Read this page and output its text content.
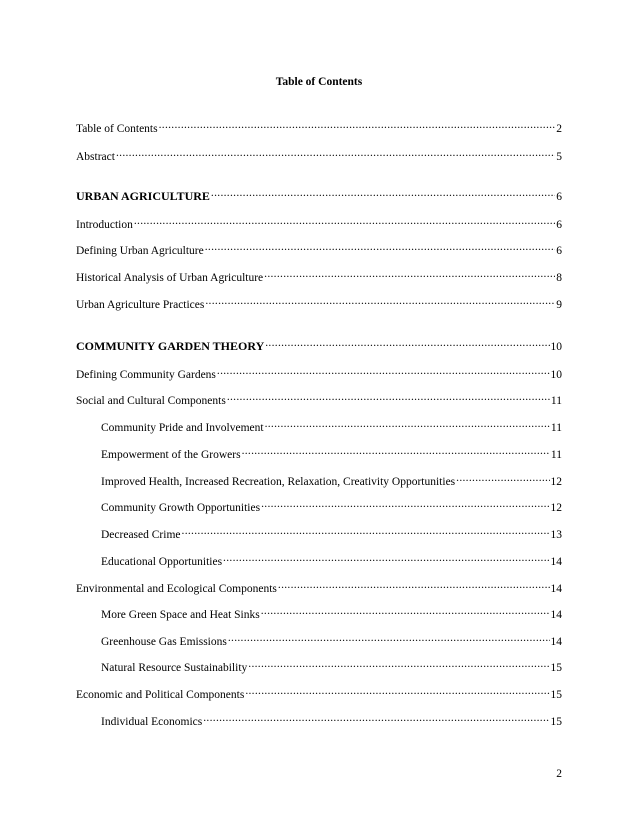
Table of Contents
Table of Contents .....	2
Abstract .....	5
URBAN AGRICULTURE .....	6
Introduction .....	6
Defining Urban Agriculture .....	6
Historical Analysis of Urban Agriculture .....	8
Urban Agriculture Practices .....	9
COMMUNITY GARDEN THEORY .....	10
Defining Community Gardens .....	10
Social and Cultural Components .....	11
Community Pride and Involvement .....	11
Empowerment of the Growers .....	11
Improved Health, Increased Recreation, Relaxation, Creativity Opportunities .....	12
Community Growth Opportunities .....	12
Decreased Crime .....	13
Educational Opportunities .....	14
Environmental and Ecological Components .....	14
More Green Space and Heat Sinks .....	14
Greenhouse Gas Emissions .....	14
Natural Resource Sustainability .....	15
Economic and Political Components .....	15
Individual Economics .....	15
2
